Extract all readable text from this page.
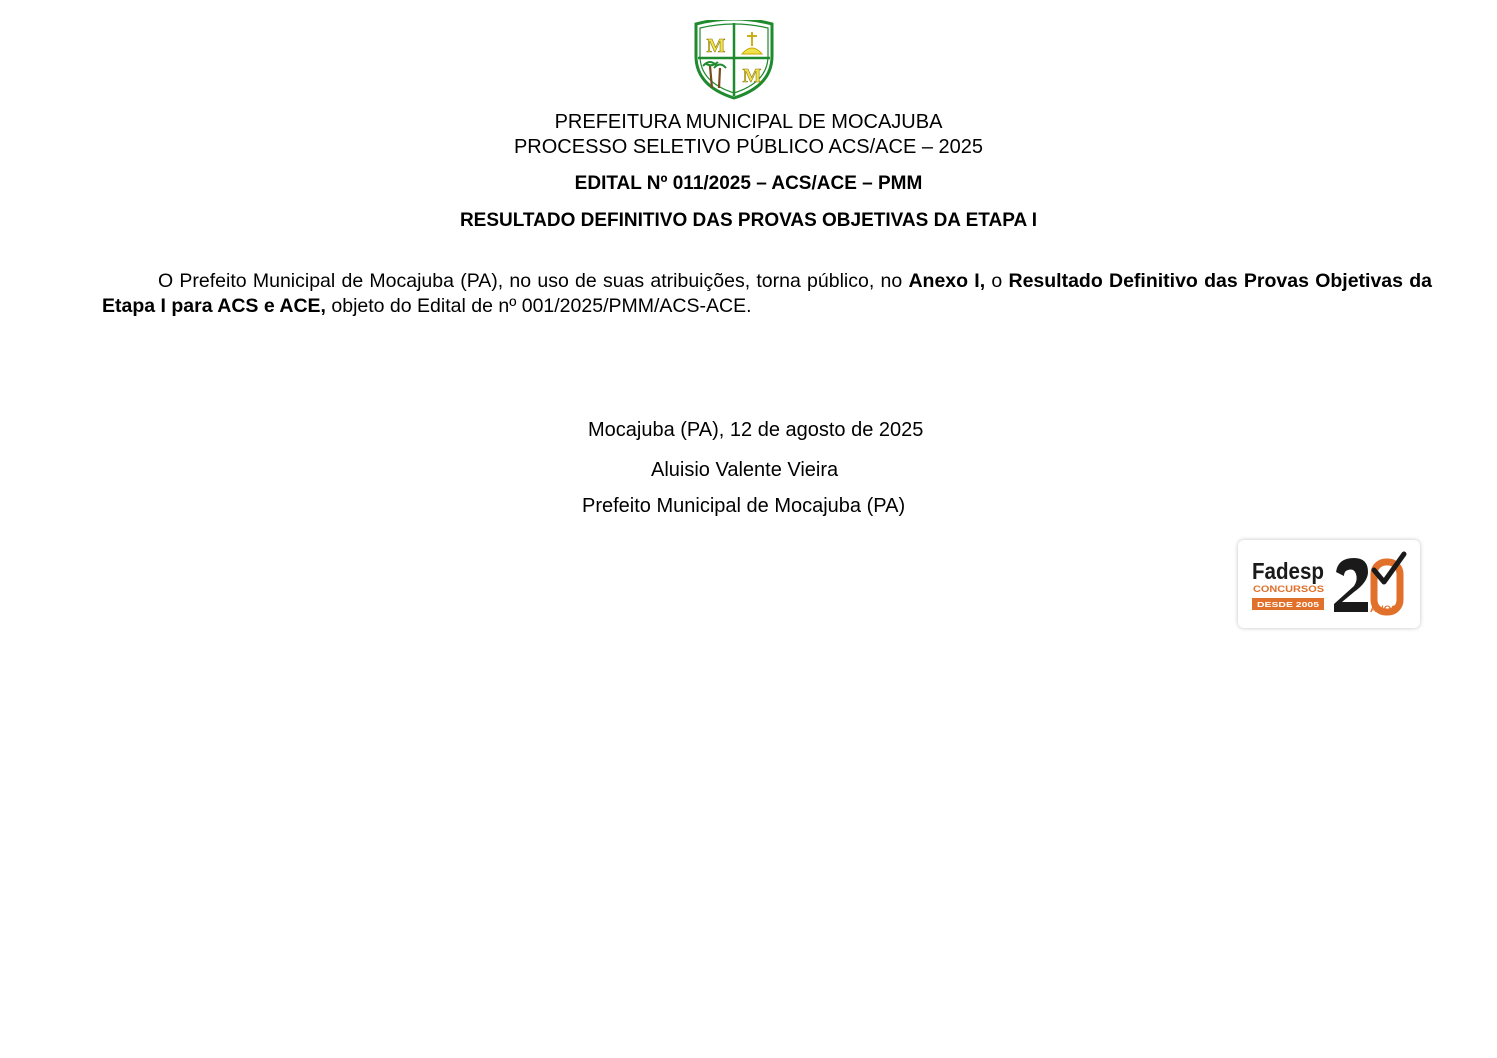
M
M
PREFEITURA MUNICIPAL DE MOCAJUBA
PROCESSO SELETIVO PÚBLICO ACS/ACE – 2025
EDITAL Nº 011/2025 – ACS/ACE – PMM
RESULTADO DEFINITIVO DAS PROVAS OBJETIVAS DA ETAPA I
O Prefeito Municipal de Mocajuba (PA), no uso de suas atribuições, torna público, no Anexo I, o Resultado Definitivo das Provas Objetivas da Etapa I para ACS e ACE, objeto do Edital de nº 001/2025/PMM/ACS-ACE.
Mocajuba (PA), 12 de agosto de 2025
Aluisio Valente Vieira
Prefeito Municipal de Mocajuba (PA)
Fadesp
CONCURSOS
DESDE 2005	ANOS
